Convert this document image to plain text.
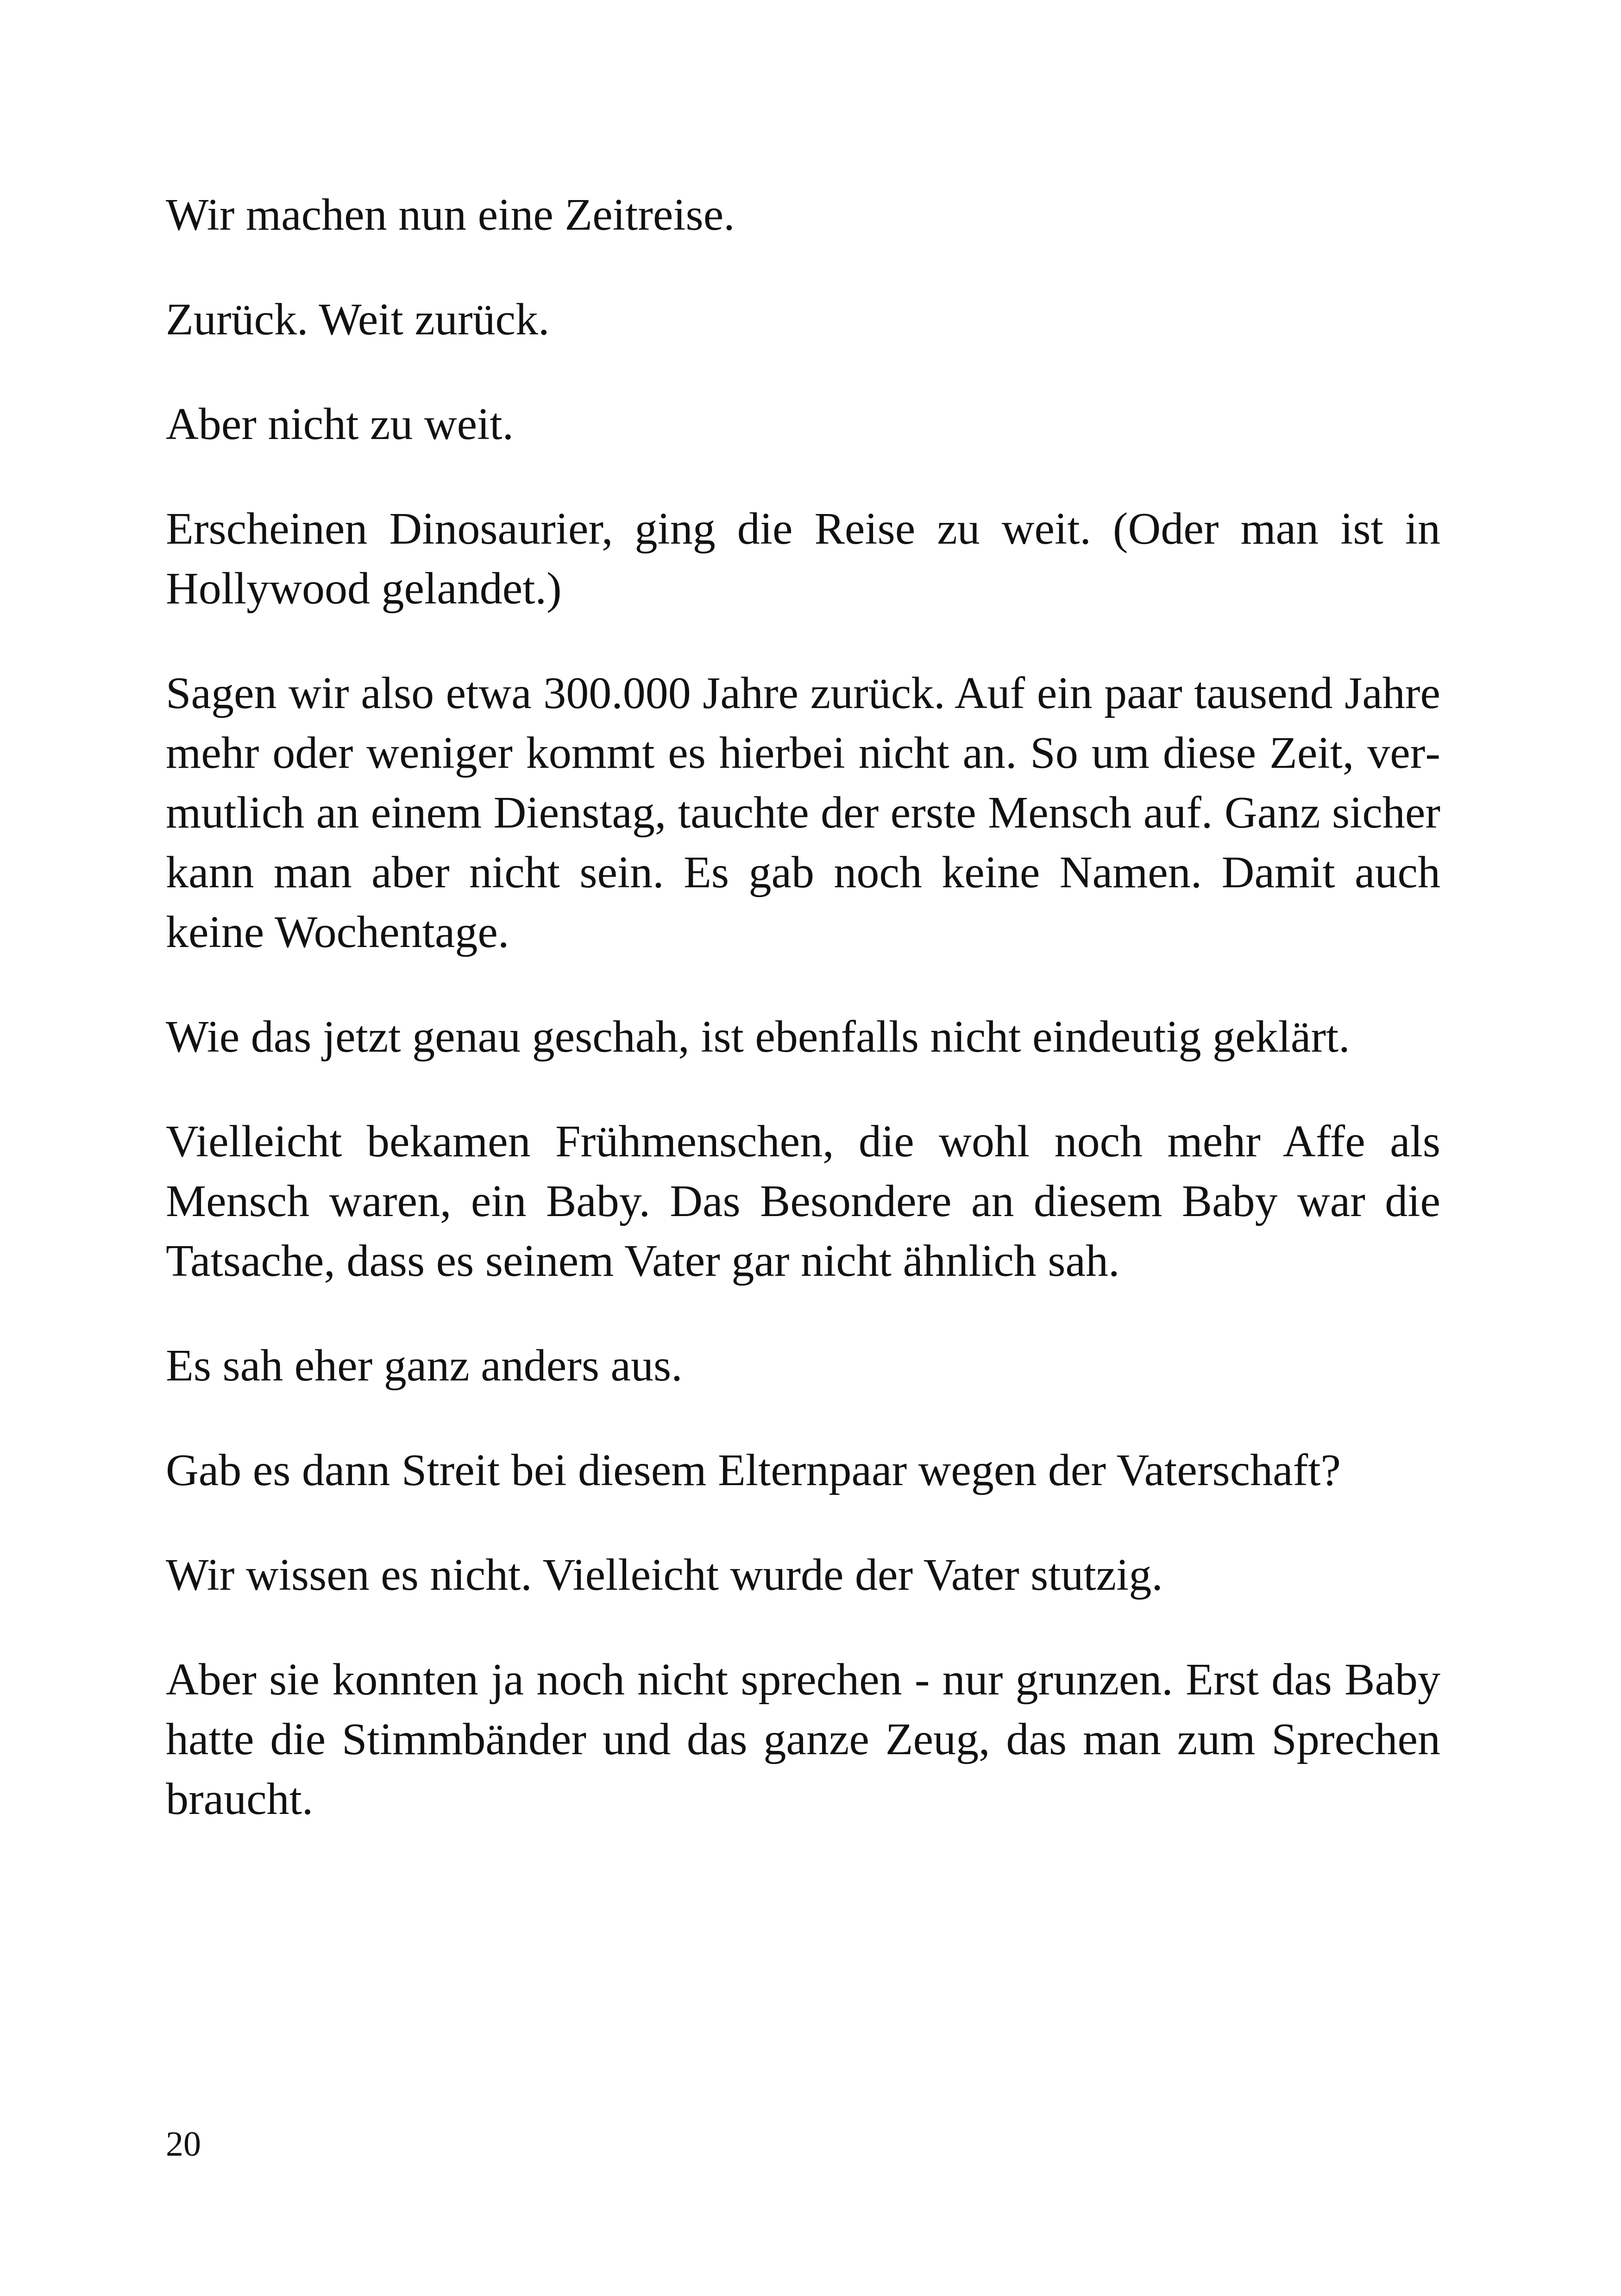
Wir machen nun eine Zeitreise.

Zurück. Weit zurück.

Aber nicht zu weit.

Erscheinen Dinosaurier, ging die Reise zu weit. (Oder man ist in Hollywood gelandet.)

Sagen wir also etwa 300.000 Jahre zurück. Auf ein paar tausend Jahre mehr oder weniger kommt es hierbei nicht an. So um diese Zeit, vermutlich an einem Dienstag, tauchte der erste Mensch auf. Ganz sicher kann man aber nicht sein. Es gab noch keine Namen. Damit auch keine Wochentage.

Wie das jetzt genau geschah, ist ebenfalls nicht eindeutig geklärt.

Vielleicht bekamen Frühmenschen, die wohl noch mehr Affe als Mensch waren, ein Baby. Das Besondere an diesem Baby war die Tatsache, dass es seinem Vater gar nicht ähnlich sah.

Es sah eher ganz anders aus.

Gab es dann Streit bei diesem Elternpaar wegen der Vaterschaft?

Wir wissen es nicht. Vielleicht wurde der Vater stutzig.

Aber sie konnten ja noch nicht sprechen - nur grunzen. Erst das Baby hatte die Stimmbänder und das ganze Zeug, das man zum Sprechen braucht.

20
